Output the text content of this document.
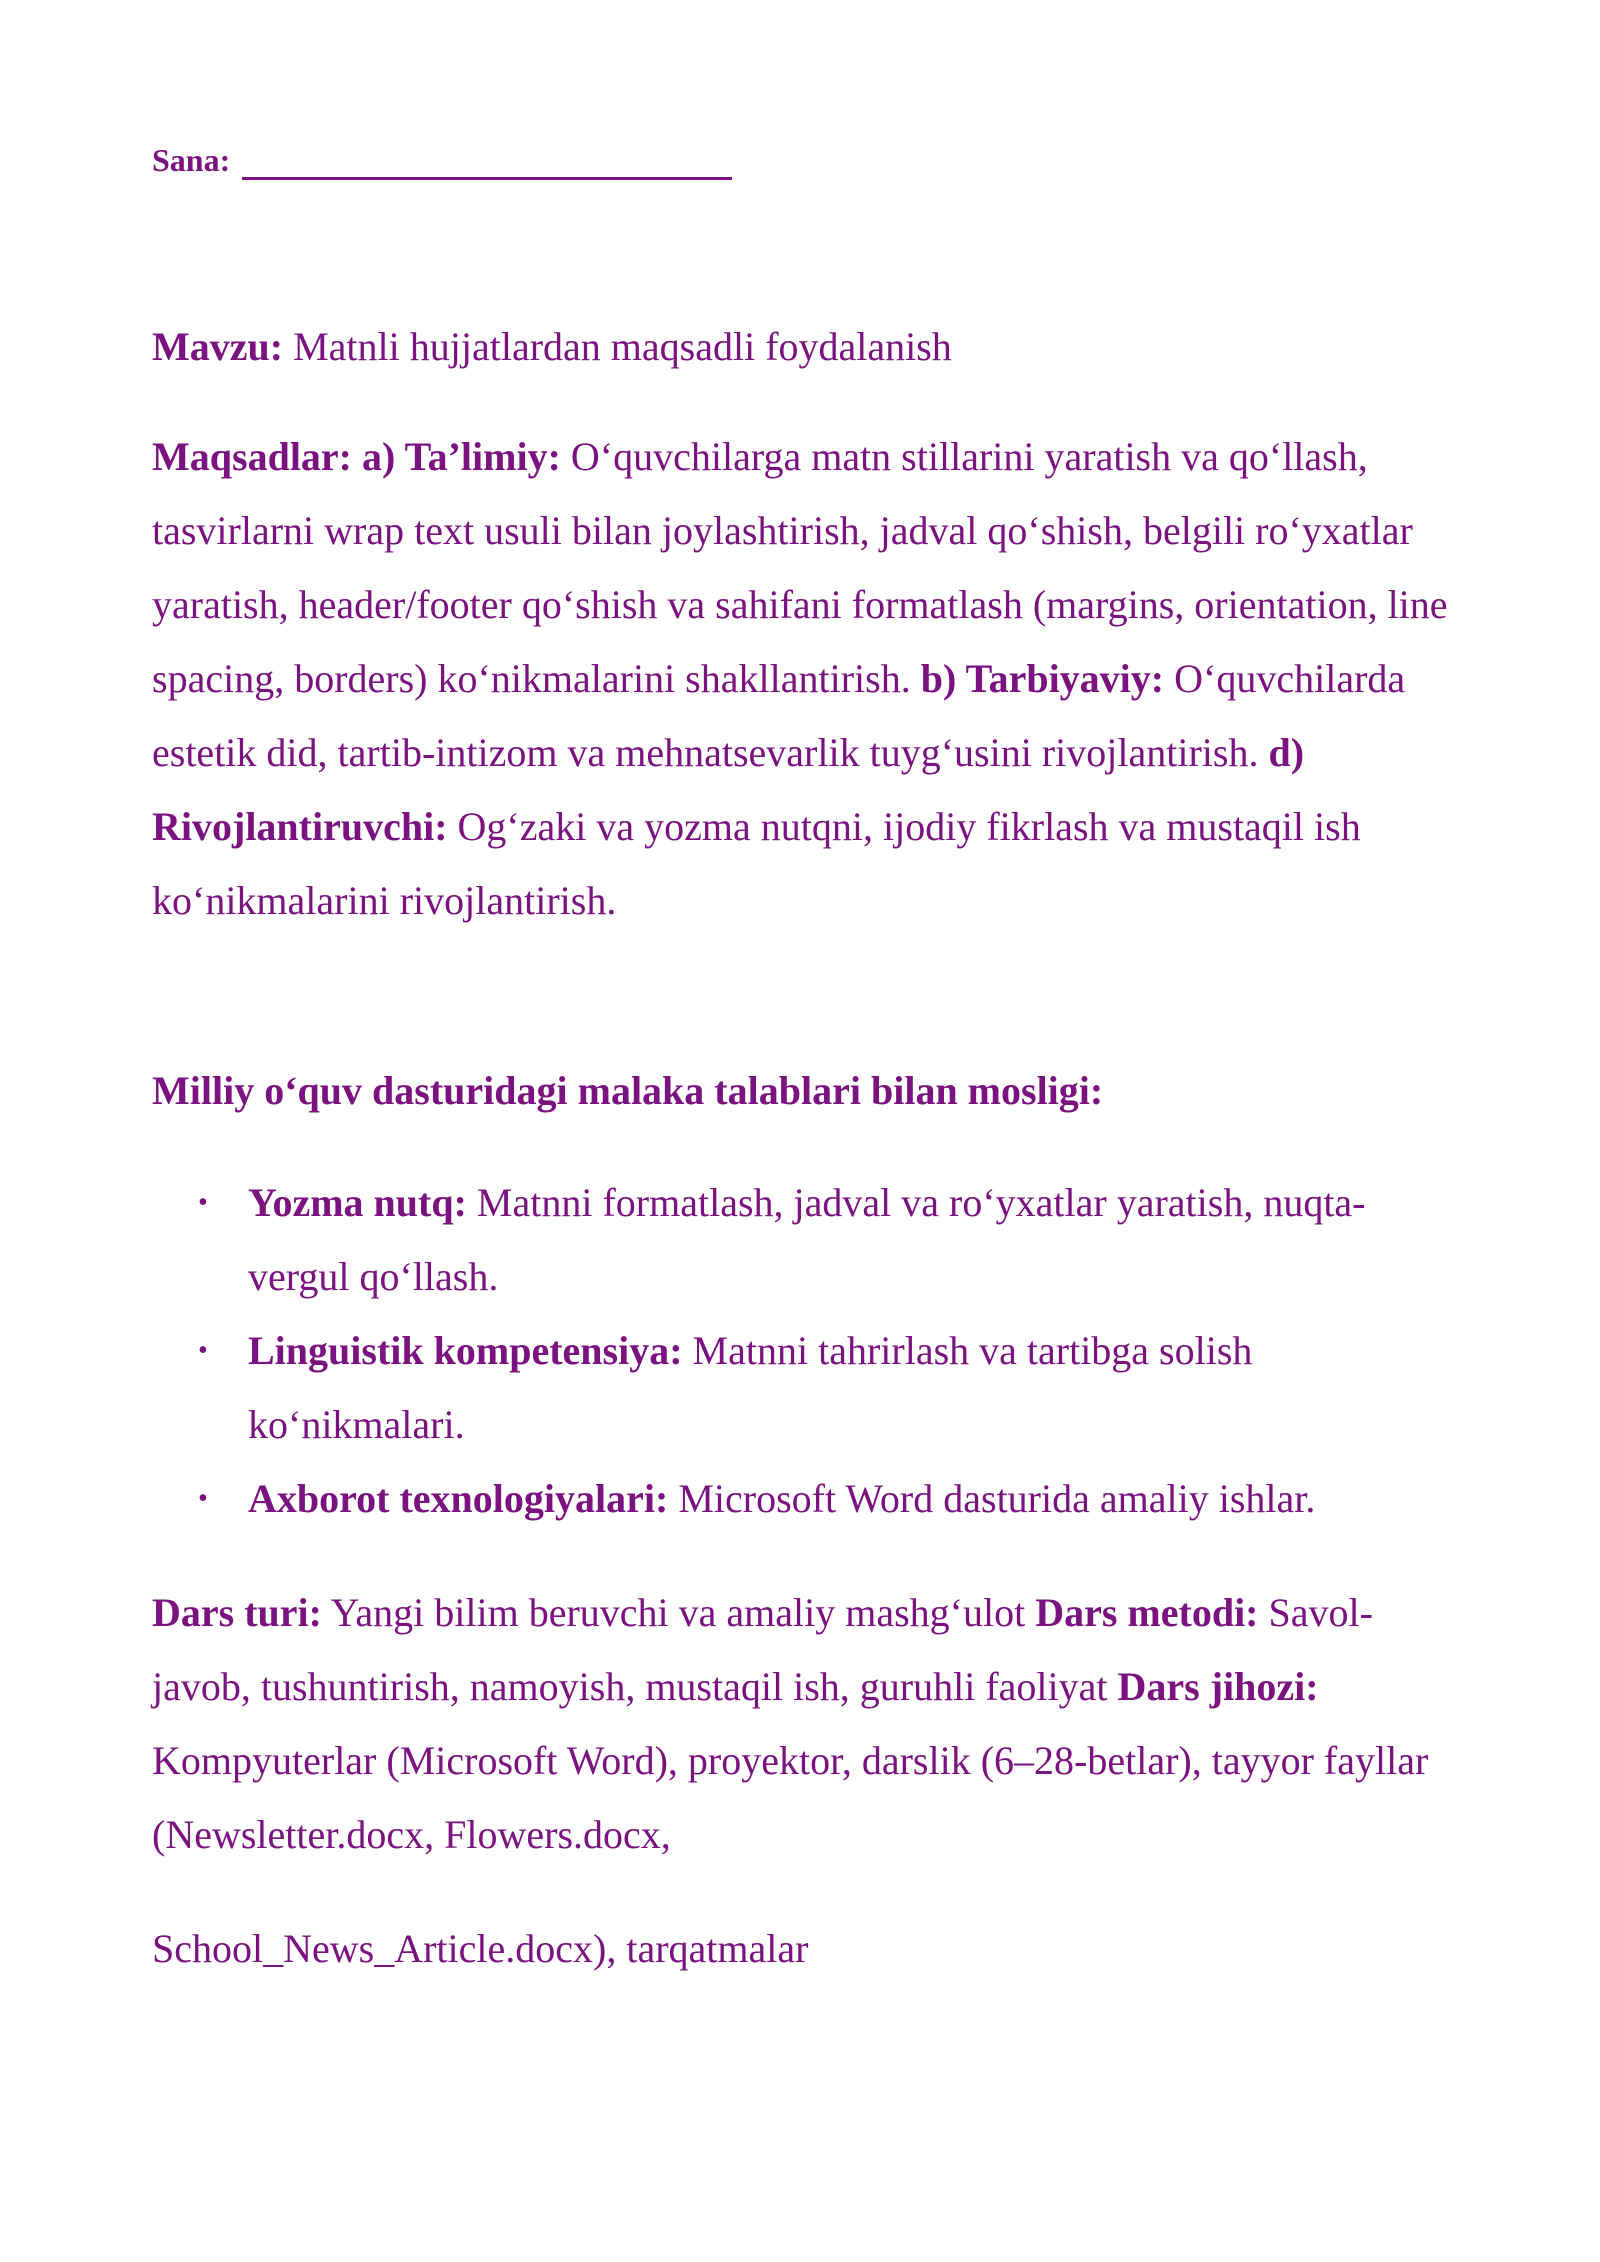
Sana:
Mavzu: Matnli hujjatlardan maqsadli foydalanish
Maqsadlar: a) Ta’limiy: O‘quvchilarga matn stillarini yaratish va qo‘llash, tasvirlarni wrap text usuli bilan joylashtirish, jadval qo‘shish, belgili ro‘yxatlar yaratish, header/footer qo‘shish va sahifani formatlash (margins, orientation, line spacing, borders) ko‘nikmalarini shakllantirish. b) Tarbiyaviy: O‘quvchilarda estetik did, tartib-intizom va mehnatsevarlik tuyg‘usini rivojlantirish. d) Rivojlantiruvchi: Og‘zaki va yozma nutqni, ijodiy fikrlash va mustaqil ish ko‘nikmalarini rivojlantirish.
Milliy o‘quv dasturidagi malaka talablari bilan mosligi:
• Yozma nutq: Matnni formatlash, jadval va ro‘yxatlar yaratish, nuqta-vergul qo‘llash.
• Linguistik kompetensiya: Matnni tahrirlash va tartibga solish ko‘nikmalari.
• Axborot texnologiyalari: Microsoft Word dasturida amaliy ishlar.
Dars turi: Yangi bilim beruvchi va amaliy mashg‘ulot Dars metodi: Savol-javob, tushuntirish, namoyish, mustaqil ish, guruhli faoliyat Dars jihozi: Kompyuterlar (Microsoft Word), proyektor, darslik (6–28-betlar), tayyor fayllar (Newsletter.docx, Flowers.docx,
School_News_Article.docx), tarqatmalar
